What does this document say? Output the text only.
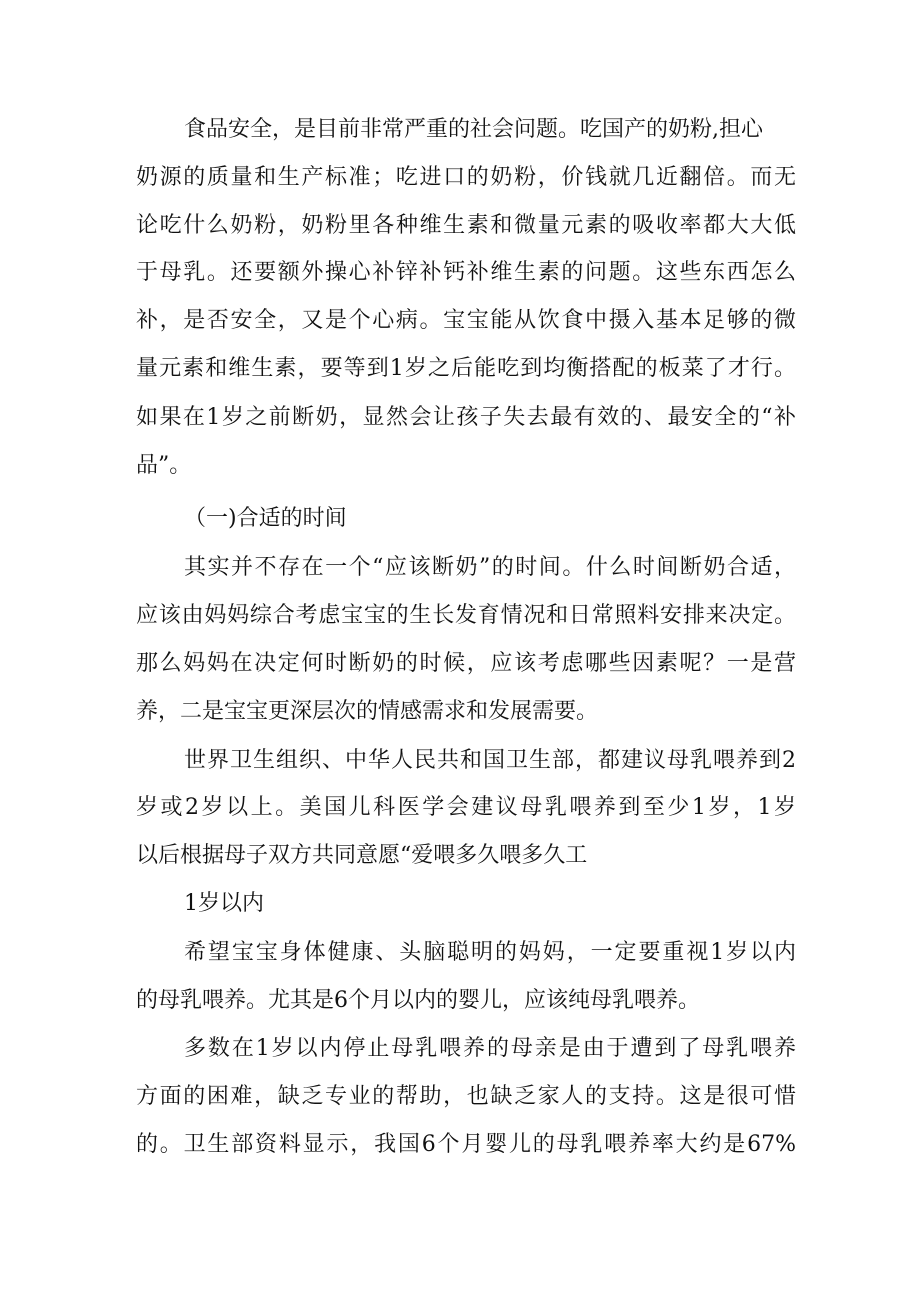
食品安全，是目前非常严重的社会问题。吃国产的奶粉,担心
奶源的质量和生产标准；吃进口的奶粉，价钱就几近翻倍。而无
论吃什么奶粉，奶粉里各种维生素和微量元素的吸收率都大大低
于母乳。还要额外操心补锌补钙补维生素的问题。这些东西怎么
补，是否安全，又是个心病。宝宝能从饮食中摄入基本足够的微
量元素和维生素，要等到1岁之后能吃到均衡搭配的板菜了才行。
如果在1岁之前断奶，显然会让孩子失去最有效的、最安全的“补
品”。
（一)合适的时间
其实并不存在一个“应该断奶”的时间。什么时间断奶合适，
应该由妈妈综合考虑宝宝的生长发育情况和日常照料安排来决定。
那么妈妈在决定何时断奶的时候，应该考虑哪些因素呢？一是营
养，二是宝宝更深层次的情感需求和发展需要。
世界卫生组织、中华人民共和国卫生部，都建议母乳喂养到2
岁或2岁以上。美国儿科医学会建议母乳喂养到至少1岁，1岁
以后根据母子双方共同意愿“爱喂多久喂多久工
1岁以内
希望宝宝身体健康、头脑聪明的妈妈，一定要重视1岁以内
的母乳喂养。尤其是6个月以内的婴儿，应该纯母乳喂养。
多数在1岁以内停止母乳喂养的母亲是由于遭到了母乳喂养
方面的困难，缺乏专业的帮助，也缺乏家人的支持。这是很可惜
的。卫生部资料显示，我国6个月婴儿的母乳喂养率大约是67%
